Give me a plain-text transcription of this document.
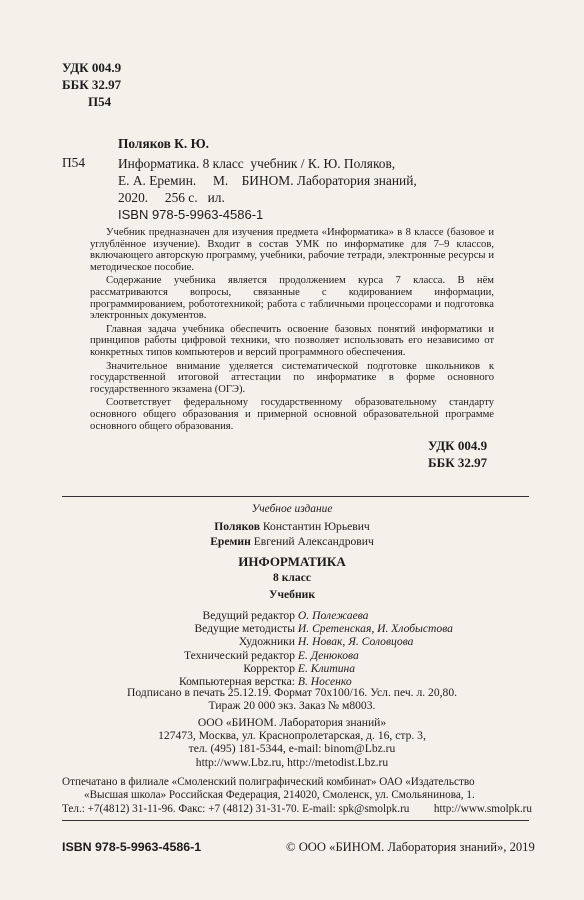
УДК 004.9
ББК 32.97
П54
Поляков К. Ю.
П54 Информатика. 8 класс  учебник / К. Ю. Поляков,
Е. А. Еремин.     М.    БИНОМ. Лаборатория знаний,
2020.     256 с.   ил.
ISBN 978-5-9963-4586-1

Учебник предназначен для изучения предмета «Информатика» в 8 классе (базовое и углублённое изучение). Входит в состав УМК по информатике для 7–9 классов, включающего авторскую программу, учебники, рабочие тетради, электронные ресурсы и методическое пособие.

Содержание учебника является продолжением курса 7 класса. В нём рассматриваются вопросы, связанные с кодированием информации, программированием, робототехникой; работа с табличными процессорами и подготовка электронных документов.

Главная задача учебника обеспечить освоение базовых понятий информатики и принципов работы цифровой техники, что позволяет использовать его независимо от конкретных типов компьютеров и версий программного обеспечения.

Значительное внимание уделяется систематической подготовке школьников к государственной итоговой аттестации по информатике в форме основного государственного экзамена (ОГЭ).

Соответствует федеральному государственному образовательному стандарту основного общего образования и примерной основной образовательной программе основного общего образования.

УДК 004.9
ББК 32.97
Учебное издание
Поляков Константин Юрьевич
Еремин Евгений Александрович
ИНФОРМАТИКА
8 класс
Учебник
Ведущий редактор О. Полежаева
Ведущие методисты И. Сретенская, И. Хлобыстова
Художники Н. Новак, Я. Соловцова
Технический редактор Е. Денюкова
Корректор Е. Клитина
Компьютерная верстка: В. Носенко
Подписано в печать 25.12.19. Формат 70х100/16. Усл. печ. л. 20,80.
Тираж 20 000 экз. Заказ № м8003.
ООО «БИНОМ. Лаборатория знаний»
127473, Москва, ул. Краснопролетарская, д. 16, стр. 3,
тел. (495) 181-5344, e-mail: binom@Lbz.ru
http://www.Lbz.ru, http://metodist.Lbz.ru
Отпечатано в филиале «Смоленский полиграфический комбинат» ОАО «Издательство
«Высшая школа» Российская Федерация, 214020, Смоленск, ул. Смольянинова, 1.
Тел.: +7(4812) 31-11-96. Факс: +7 (4812) 31-31-70. E-mail: spk@smolpk.ru http://www.smolpk.ru
ISBN 978-5-9963-4586-1	© ООО «БИНОМ. Лаборатория знаний», 2019
